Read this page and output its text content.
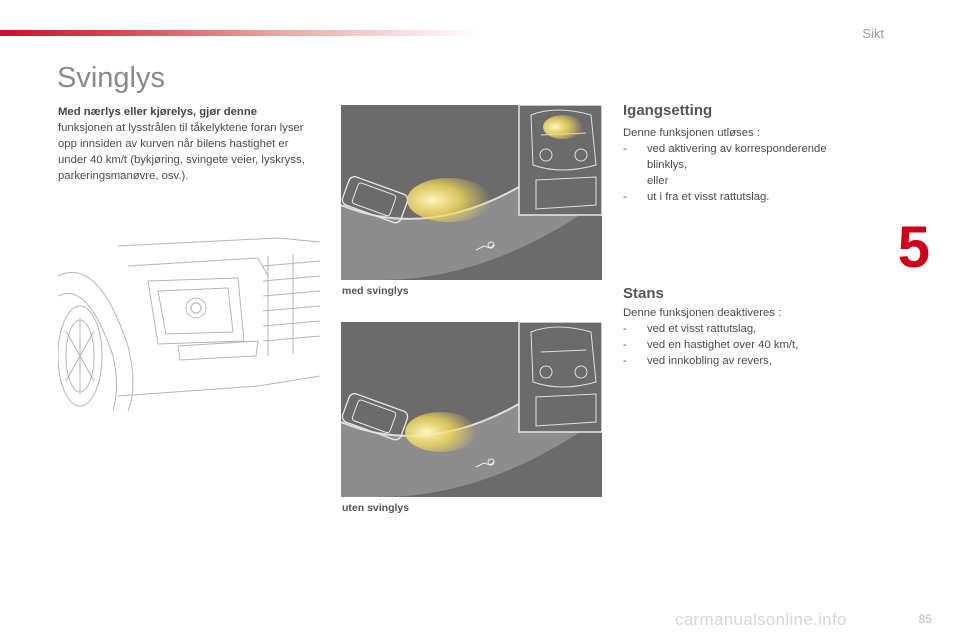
Sikt
Svinglys
5
Med nærlys eller kjørelys, gjør denne
funksjonen at lysstrålen til tåkelyktene foran lyser opp innsiden av kurven når bilens hastighet er under 40 km/t (bykjøring, svingete veier, lyskryss, parkeringsmanøvre, osv.).
med svinglys
uten svinglys
Igangsetting
Denne funksjonen utløses :
- ved aktivering av korresponderende blinklys,
eller
- ut i fra et visst rattutslag.
Stans
Denne funksjonen deaktiveres :
- ved et visst rattutslag,
- ved en hastighet over 40 km/t,
- ved innkobling av revers,
85
carmanualsonline.info
